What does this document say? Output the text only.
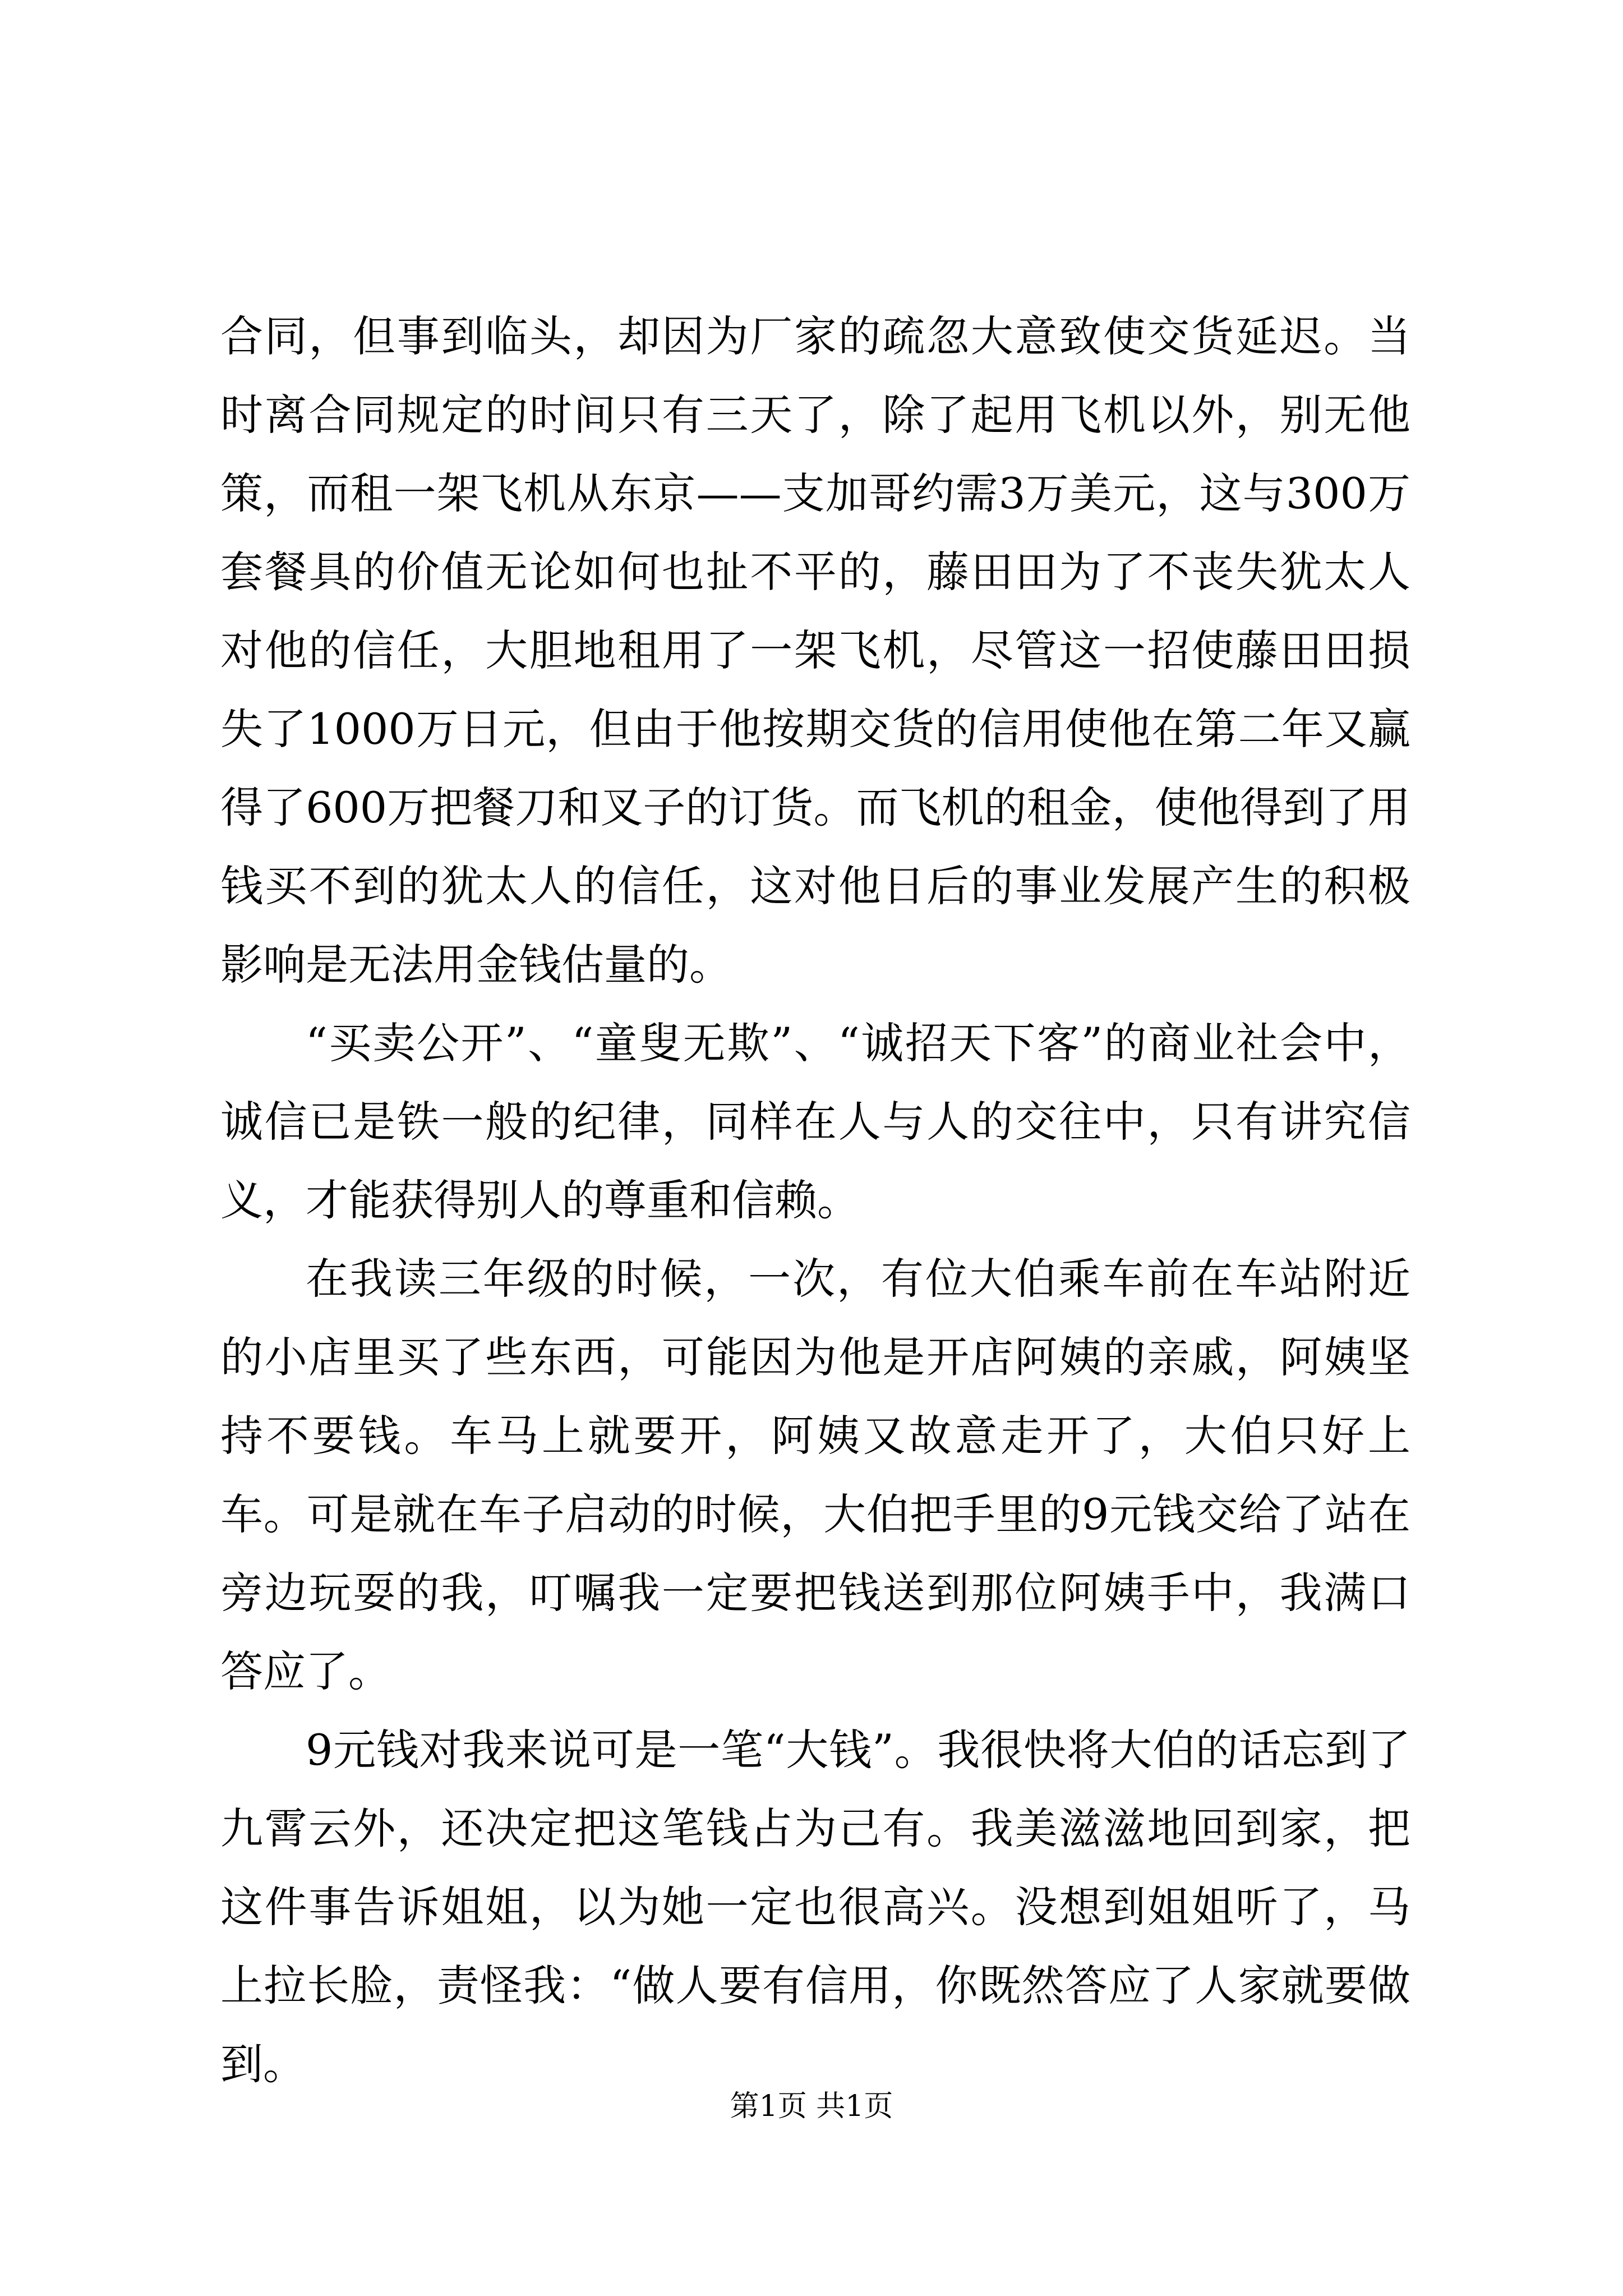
合同，但事到临头，却因为厂家的疏忽大意致使交货延迟。当时离合同规定的时间只有三天了，除了起用飞机以外，别无他策，而租一架飞机从东京——支加哥约需3万美元，这与300万套餐具的价值无论如何也扯不平的，藤田田为了不丧失犹太人对他的信任，大胆地租用了一架飞机，尽管这一招使藤田田损失了1000万日元，但由于他按期交货的信用使他在第二年又赢得了600万把餐刀和叉子的订货。而飞机的租金，使他得到了用钱买不到的犹太人的信任，这对他日后的事业发展产生的积极影响是无法用金钱估量的。

“买卖公开”、“童叟无欺”、“诚招天下客”的商业社会中，诚信已是铁一般的纪律，同样在人与人的交往中，只有讲究信义，才能获得别人的尊重和信赖。

在我读三年级的时候，一次，有位大伯乘车前在车站附近的小店里买了些东西，可能因为他是开店阿姨的亲戚，阿姨坚持不要钱。车马上就要开，阿姨又故意走开了，大伯只好上车。可是就在车子启动的时候，大伯把手里的9元钱交给了站在旁边玩耍的我，叮嘱我一定要把钱送到那位阿姨手中，我满口答应了。

9元钱对我来说可是一笔“大钱”。我很快将大伯的话忘到了九霄云外，还决定把这笔钱占为己有。我美滋滋地回到家，把这件事告诉姐姐，以为她一定也很高兴。没想到姐姐听了，马上拉长脸，责怪我：“做人要有信用，你既然答应了人家就要做到。

第1页 共1页
